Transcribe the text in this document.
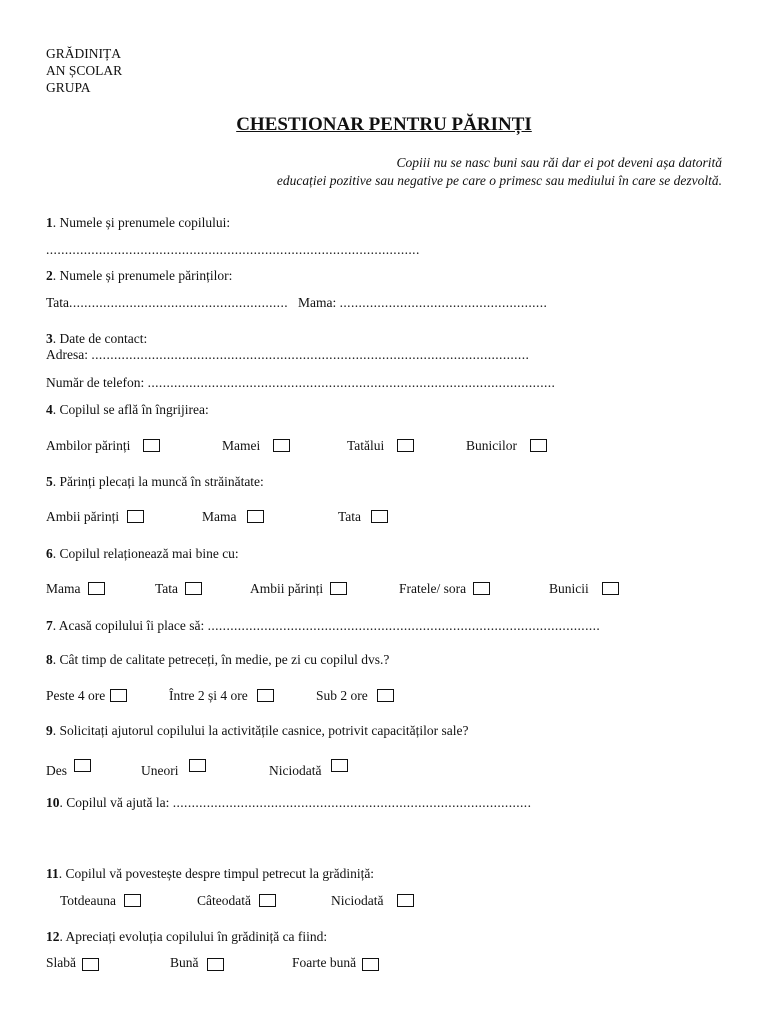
GRĂDINIȚA
AN ȘCOLAR
GRUPA
CHESTIONAR PENTRU PĂRINȚI
Copiii nu se nasc buni sau răi dar ei pot deveni așa datorită
educației pozitive sau negative pe care o primesc sau mediului în care se dezvoltă.
1. Numele și prenumele copilului:
...................................................................................................
2. Numele și prenumele părinților:
Tata.......................................................... Mama: .......................................................
3. Date de contact:
Adresa: ....................................................................................................................
Număr de telefon: ............................................................................................................
4. Copilul se află în îngrijirea:
Ambilor părinți	Mamei	Tatălui	Bunicilor
5. Părinți plecați la muncă în străinătate:
Ambii părinți	Mama	Tata
6. Copilul relaționează mai bine cu:
Mama	Tata	Ambii părinți	Fratele/ sora	Bunicii
7. Acasă copilului îi place să: ........................................................................................................
8. Cât timp de calitate petreceți, în medie, pe zi cu copilul dvs.?
Peste 4 ore	Între 2 și 4 ore	Sub 2 ore
9. Solicitați ajutorul copilului la activitățile casnice, potrivit capacităților sale?
Des	Uneori	Niciodată
10. Copilul vă ajută la: ...............................................................................................
11. Copilul vă povestește despre timpul petrecut la grădiniță:
Totdeauna	Câteodată	Niciodată
12. Apreciați evoluția copilului în grădiniță ca fiind:
Slabă	Bună	Foarte bună
